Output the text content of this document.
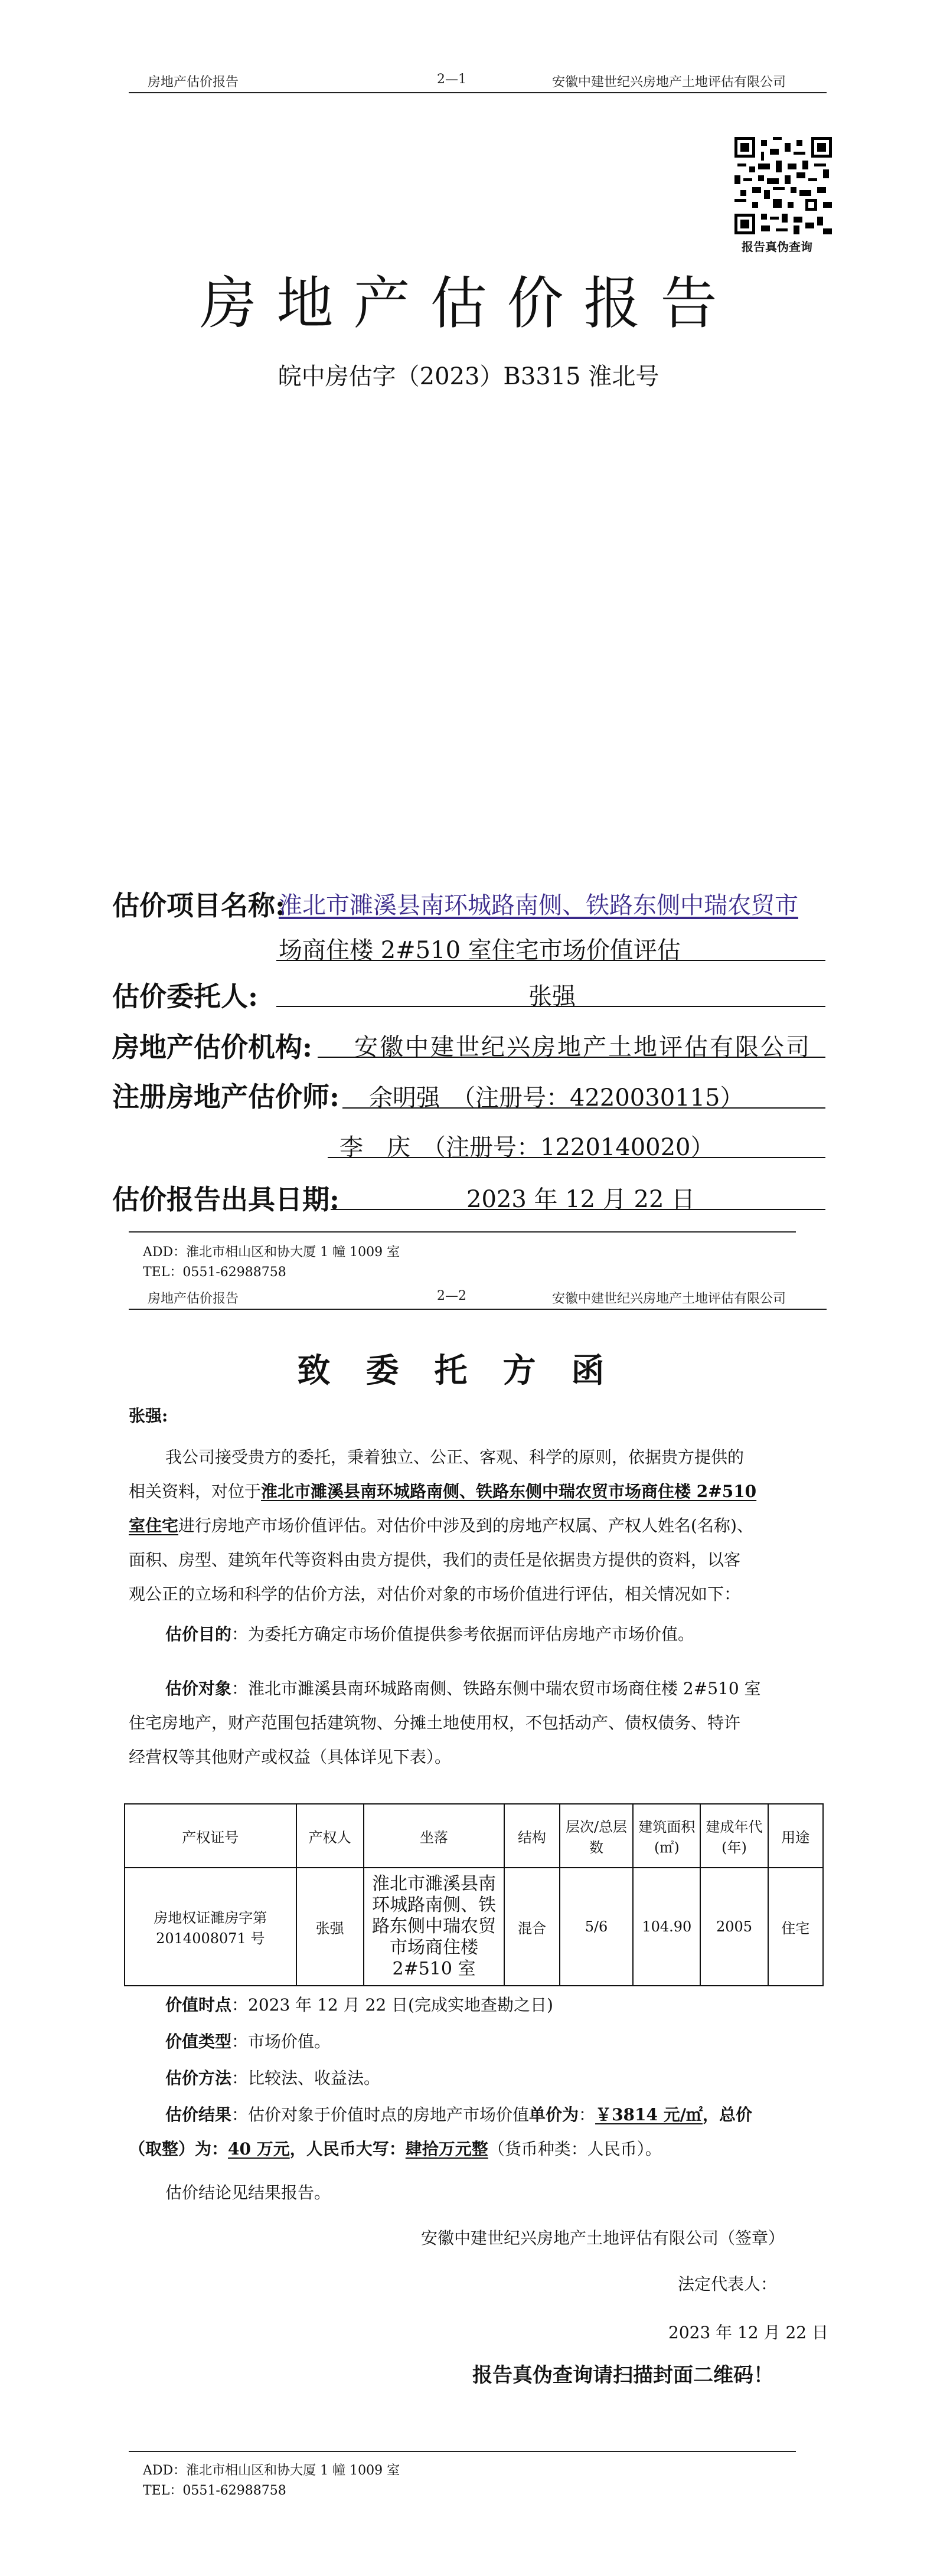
房地产估价报告	2—1	安徽中建世纪兴房地产土地评估有限公司
报告真伪查询
房地产估价报告
皖中房估字（2023）B3315 淮北号
估价项目名称:
淮北市濉溪县南环城路南侧、铁路东侧中瑞农贸市
场商住楼 2#510 室住宅市场价值评估
估价委托人:	张强
房地产估价机构: 安徽中建世纪兴房地产土地评估有限公司
注册房地产估价师: 余明强　（注册号：4220030115）
李　庆　（注册号：1220140020）
估价报告出具日期:	2023 年 12 月 22 日
ADD：淮北市相山区和协大厦 1 幢 1009 室
TEL：0551-62988758
房地产估价报告	2—2	安徽中建世纪兴房地产土地评估有限公司
致委托方函
张强:
我公司接受贵方的委托，秉着独立、公正、客观、科学的原则，依据贵方提供的
相关资料，对位于淮北市濉溪县南环城路南侧、铁路东侧中瑞农贸市场商住楼 2#510
室住宅进行房地产市场价值评估。对估价中涉及到的房地产权属、产权人姓名(名称)、
面积、房型、建筑年代等资料由贵方提供，我们的责任是依据贵方提供的资料，以客
观公正的立场和科学的估价方法，对估价对象的市场价值进行评估，相关情况如下：
估价目的：为委托方确定市场价值提供参考依据而评估房地产市场价值。
估价对象：淮北市濉溪县南环城路南侧、铁路东侧中瑞农贸市场商住楼 2#510 室
住宅房地产，财产范围包括建筑物、分摊土地使用权，不包括动产、债权债务、特许
经营权等其他财产或权益（具体详见下表）。
产权证号	产权人	坐落	结构	层次/总层数	建筑面积(㎡)	建成年代(年)	用途
房地权证濉房字第2014008071 号	张强	淮北市濉溪县南环城路南侧、铁路东侧中瑞农贸市场商住楼2#510 室	混合	5/6	104.90	2005	住宅
价值时点：2023 年 12 月 22 日(完成实地查勘之日)
价值类型：市场价值。
估价方法：比较法、收益法。
估价结果：估价对象于价值时点的房地产市场价值单价为：￥3814 元/㎡，总价
（取整）为：40 万元，人民币大写：肆拾万元整（货币种类：人民币）。
估价结论见结果报告。
安徽中建世纪兴房地产土地评估有限公司（签章）
法定代表人：
2023 年 12 月 22 日
报告真伪查询请扫描封面二维码！
ADD：淮北市相山区和协大厦 1 幢 1009 室
TEL：0551-62988758
